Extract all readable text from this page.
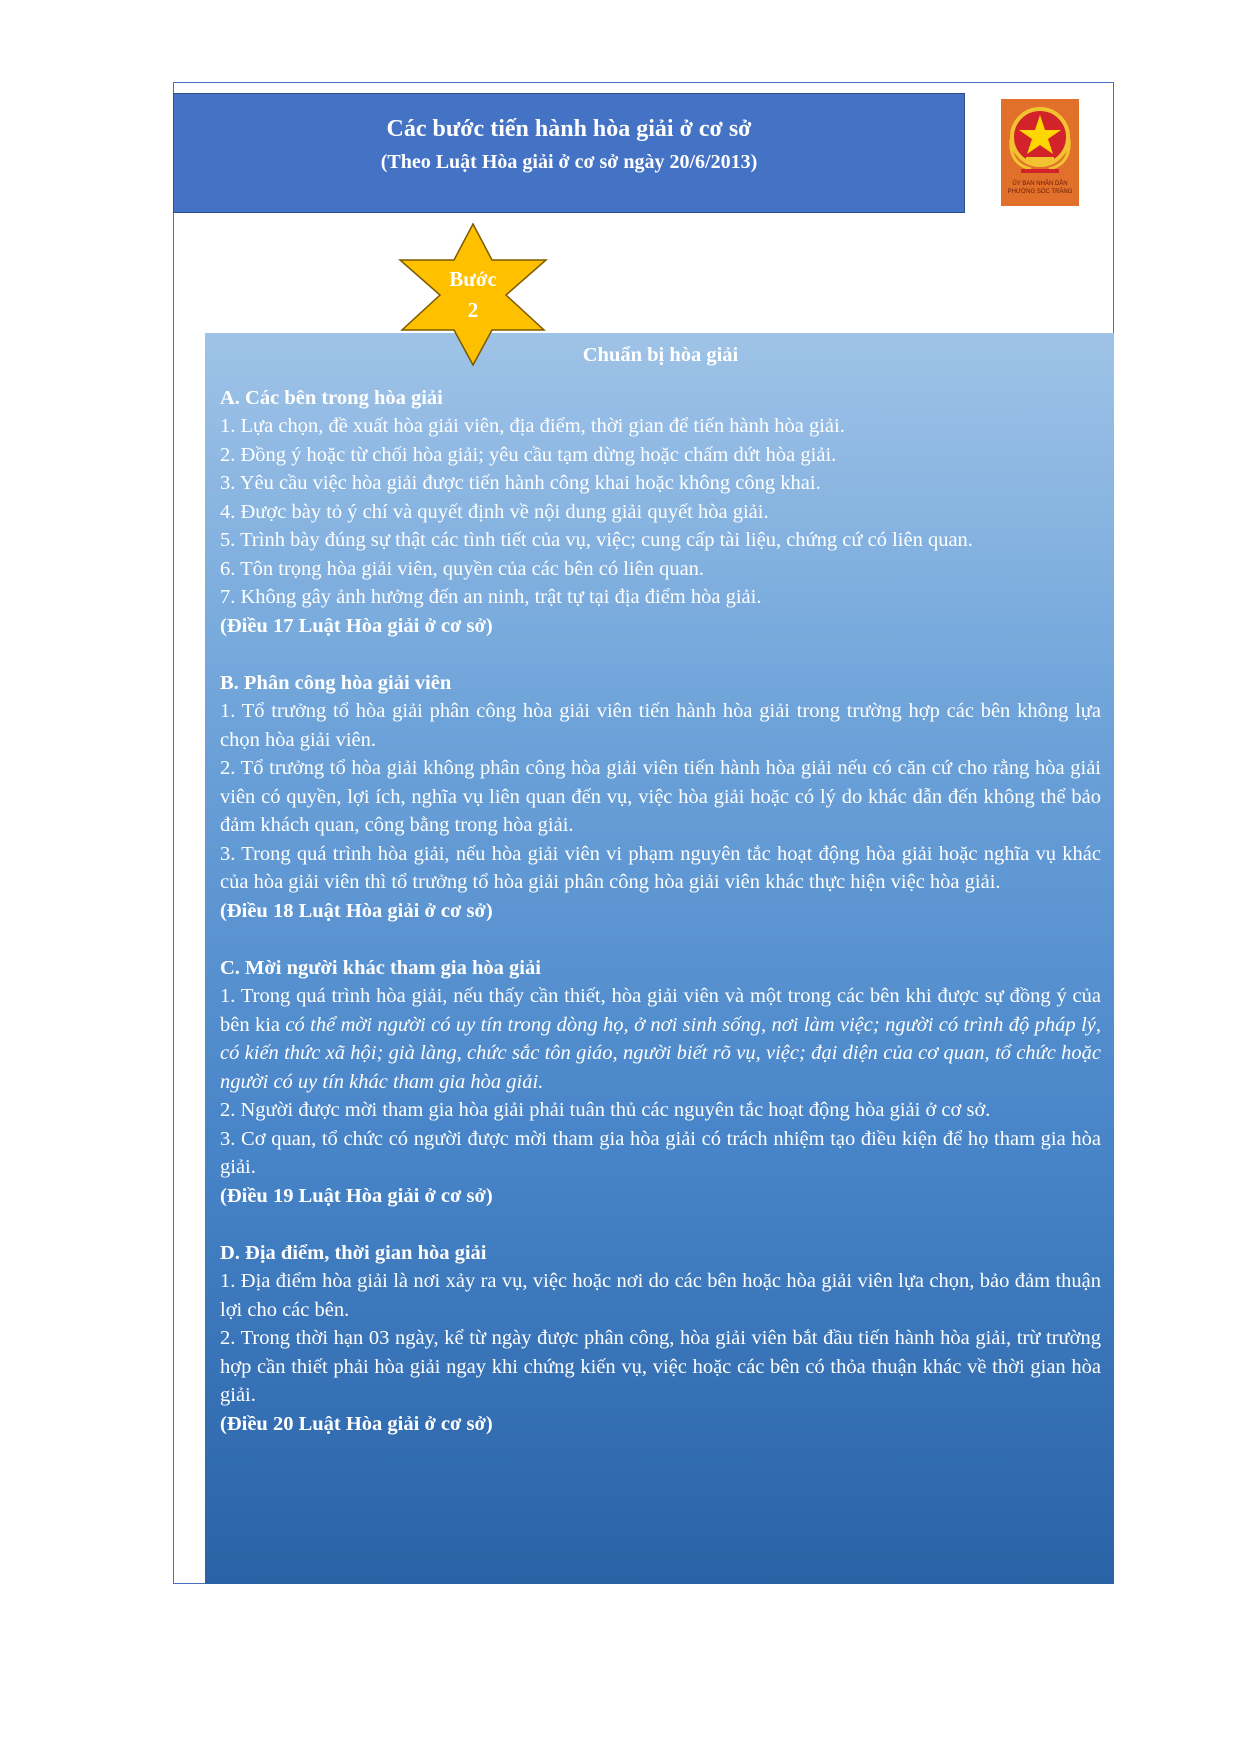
Các bước tiến hành hòa giải ở cơ sở
(Theo Luật Hòa giải ở cơ sở ngày 20/6/2013)
ỦY BAN NHÂN DÂN
PHƯỜNG SÓC TRĂNG
Bước
2

Chuẩn bị hòa giải

A. Các bên trong hòa giải

1. Lựa chọn, đề xuất hòa giải viên, địa điểm, thời gian để tiến hành hòa giải.

2. Đồng ý hoặc từ chối hòa giải; yêu cầu tạm dừng hoặc chấm dứt hòa giải.

3. Yêu cầu việc hòa giải được tiến hành công khai hoặc không công khai.

4. Được bày tỏ ý chí và quyết định về nội dung giải quyết hòa giải.

5. Trình bày đúng sự thật các tình tiết của vụ, việc; cung cấp tài liệu, chứng cứ có liên quan.

6. Tôn trọng hòa giải viên, quyền của các bên có liên quan.

7. Không gây ảnh hưởng đến an ninh, trật tự tại địa điểm hòa giải.

(Điều 17 Luật Hòa giải ở cơ sở)

B. Phân công hòa giải viên

1. Tổ trưởng tổ hòa giải phân công hòa giải viên tiến hành hòa giải trong trường hợp các bên không lựa chọn hòa giải viên.

2. Tổ trưởng tổ hòa giải không phân công hòa giải viên tiến hành hòa giải nếu có căn cứ cho rằng hòa giải viên có quyền, lợi ích, nghĩa vụ liên quan đến vụ, việc hòa giải hoặc có lý do khác dẫn đến không thể bảo đảm khách quan, công bằng trong hòa giải.

3. Trong quá trình hòa giải, nếu hòa giải viên vi phạm nguyên tắc hoạt động hòa giải hoặc nghĩa vụ khác của hòa giải viên thì tổ trưởng tổ hòa giải phân công hòa giải viên khác thực hiện việc hòa giải.

(Điều 18 Luật Hòa giải ở cơ sở)

C. Mời người khác tham gia hòa giải

1. Trong quá trình hòa giải, nếu thấy cần thiết, hòa giải viên và một trong các bên khi được sự đồng ý của bên kia có thể mời người có uy tín trong dòng họ, ở nơi sinh sống, nơi làm việc; người có trình độ pháp lý, có kiến thức xã hội; già làng, chức sắc tôn giáo, người biết rõ vụ, việc; đại diện của cơ quan, tổ chức hoặc người có uy tín khác tham gia hòa giải.

2. Người được mời tham gia hòa giải phải tuân thủ các nguyên tắc hoạt động hòa giải ở cơ sở.

3. Cơ quan, tổ chức có người được mời tham gia hòa giải có trách nhiệm tạo điều kiện để họ tham gia hòa giải.

(Điều 19 Luật Hòa giải ở cơ sở)

D. Địa điểm, thời gian hòa giải

1. Địa điểm hòa giải là nơi xảy ra vụ, việc hoặc nơi do các bên hoặc hòa giải viên lựa chọn, bảo đảm thuận lợi cho các bên.

2. Trong thời hạn 03 ngày, kể từ ngày được phân công, hòa giải viên bắt đầu tiến hành hòa giải, trừ trường hợp cần thiết phải hòa giải ngay khi chứng kiến vụ, việc hoặc các bên có thỏa thuận khác về thời gian hòa giải.

(Điều 20 Luật Hòa giải ở cơ sở)
